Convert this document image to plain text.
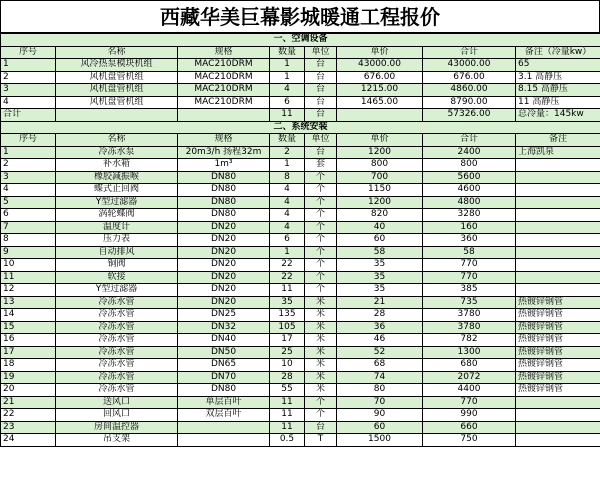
西藏华美巨幕影城暖通工程报价
一、空调设备							
序号	名称	规格	数量	单位	单价	合计	备注（冷量kw）
1	风冷热泵模块机组	MAC210DRM	1	台	43000.00	43000.00	65
2	风机盘管机组	MAC210DRM	1	台	676.00	676.00	3.1 高静压
3	风机盘管机组	MAC210DRM	4	台	1215.00	4860.00	8.15 高静压
4	风机盘管机组	MAC210DRM	6	台	1465.00	8790.00	11 高静压
合计			11	台		57326.00	总冷量：145kw
二、系统安装							
序号	名称	规格	数量	单位	单价	合计	备注
1	冷冻水泵	20m3/h 扬程32m	2	台	1200	2400	上海凯泉
2	补水箱	1m³	1	套	800	800	
3	橡胶减振喉	DN80	8	个	700	5600	
4	蝶式止回阀	DN80	4	个	1150	4600	
5	Y型过滤器	DN80	4	个	1200	4800	
6	涡轮蝶阀	DN80	4	个	820	3280	
7	温度计	DN20	4	个	40	160	
8	压力表	DN20	6	个	60	360	
9	自动排风	DN20	1	个	58	58	
10	铜阀	DN20	22	个	35	770	
11	软接	DN20	22	个	35	770	
12	Y型过滤器	DN20	11	个	35	385	
13	冷冻水管	DN20	35	米	21	735	热镀锌钢管
14	冷冻水管	DN25	135	米	28	3780	热镀锌钢管
15	冷冻水管	DN32	105	米	36	3780	热镀锌钢管
16	冷冻水管	DN40	17	米	46	782	热镀锌钢管
17	冷冻水管	DN50	25	米	52	1300	热镀锌钢管
18	冷冻水管	DN65	10	米	68	680	热镀锌钢管
19	冷冻水管	DN70	28	米	74	2072	热镀锌钢管
20	冷冻水管	DN80	55	米	80	4400	热镀锌钢管
21	送风口	单层百叶	11	个	70	770	
22	回风口	双层百叶	11	个	90	990	
23	房间温控器		11	台	60	660	
24	吊支架		0.5	T	1500	750	
